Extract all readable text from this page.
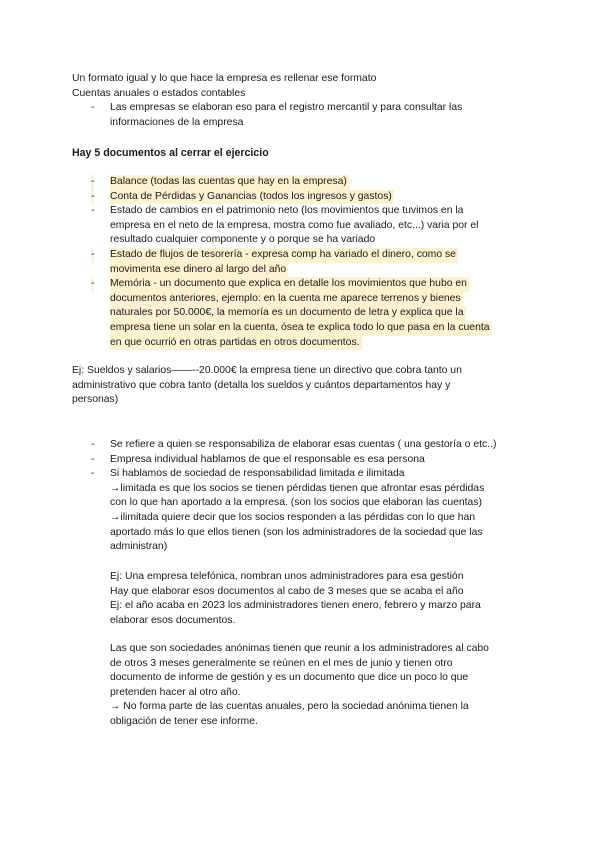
Un formato igual y lo que hace la empresa es rellenar ese formato
Cuentas anuales o estados contables
- Las empresas se elaboran eso para el registro mercantil y para consultar las
informaciones de la empresa
Hay 5 documentos al cerrar el ejercicio
- Balance (todas las cuentas que hay en la empresa)
- Conta de Pérdidas y Ganancias (todos los ingresos y gastos)
- Estado de cambios en el patrimonio neto (los movimientos que tuvimos en la
empresa en el neto de la empresa, mostra como fue avaliado, etc...) varia por el
resultado cualquier componente y o porque se ha variado
- Estado de flujos de tesorería - expresa comp ha variado el dinero, como se
movimenta ese dinero al largo del año
- Memória - un documento que explica en detalle los movimientos que hubo en
documentos anteriores, ejemplo: en la cuenta me aparece terrenos y bienes
naturales por 50.000€, la memoría es un documento de letra y explica que la
empresa tiene un solar en la cuenta, ósea te explica todo lo que pasa en la cuenta
en que ocurrió en otras partidas en otros documentos.
Ej: Sueldos y salarios——--20.000€ la empresa tiene un directivo que cobra tanto un
administrativo que cobra tanto (detalla los sueldos y cuántos departamentos hay y
personas)
- Se refiere a quien se responsabiliza de elaborar esas cuentas ( una gestoría o etc..)
- Empresa individual hablamos de que el responsable es esa persona
- Si hablamos de sociedad de responsabilidad limitada e ilimitada
→limitada es que los socios se tienen pérdidas tienen que afrontar esas pérdidas
con lo que han aportado a la empresa. (son los socios que elaboran las cuentas)
→ilimitada quiere decir que los socios responden a las pérdidas con lo que han
aportado más lo que ellos tienen (son los administradores de la sociedad que las
administran)
Ej: Una empresa telefónica, nombran unos administradores para esa gestión
Hay que elaborar esos documentos al cabo de 3 meses que se acaba el año
Ej: el año acaba en 2023 los administradores tienen enero, febrero y marzo para
elaborar esos documentos.
Las que son sociedades anónimas tienen que reunir a los administradores al cabo
de otros 3 meses generalmente se reúnen en el mes de junio y tienen otro
documento de informe de gestión y es un documento que dice un poco lo que
pretenden hacer al otro año.
→ No forma parte de las cuentas anuales, pero la sociedad anónima tienen la
obligación de tener ese informe.
